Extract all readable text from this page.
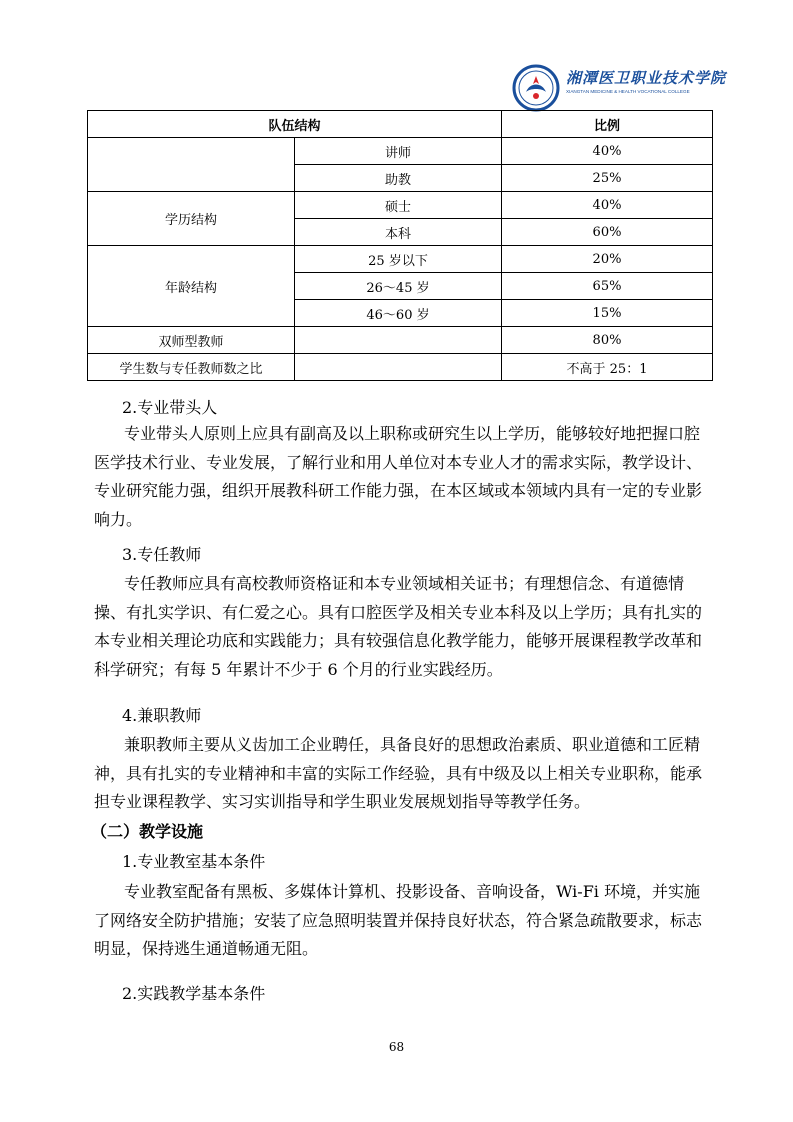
湘潭医卫职业技术学院
XIANGTAN MEDICINE & HEALTH VOCATIONAL COLLEGE
队伍结构		比例
	讲师	40%
	助教	25%
学历结构	硕士	40%
	本科	60%
年龄结构	25 岁以下	20%
	26～45 岁	65%
	46～60 岁	15%
双师型教师		80%
学生数与专任教师数之比		不高于 25：1

2.专业带头人

专业带头人原则上应具有副高及以上职称或研究生以上学历，能够较好地把握口腔医学技术行业、专业发展，了解行业和用人单位对本专业人才的需求实际，教学设计、专业研究能力强，组织开展教科研工作能力强，在本区域或本领域内具有一定的专业影响力。

3.专任教师

专任教师应具有高校教师资格证和本专业领域相关证书；有理想信念、有道德情操、有扎实学识、有仁爱之心。具有口腔医学及相关专业本科及以上学历；具有扎实的本专业相关理论功底和实践能力；具有较强信息化教学能力，能够开展课程教学改革和科学研究；有每 5 年累计不少于 6 个月的行业实践经历。

4.兼职教师

兼职教师主要从义齿加工企业聘任，具备良好的思想政治素质、职业道德和工匠精神，具有扎实的专业精神和丰富的实际工作经验，具有中级及以上相关专业职称，能承担专业课程教学、实习实训指导和学生职业发展规划指导等教学任务。

（二）教学设施

1.专业教室基本条件

专业教室配备有黑板、多媒体计算机、投影设备、音响设备，Wi-Fi 环境，并实施了网络安全防护措施；安装了应急照明装置并保持良好状态，符合紧急疏散要求，标志明显，保持逃生通道畅通无阻。

2.实践教学基本条件

68
